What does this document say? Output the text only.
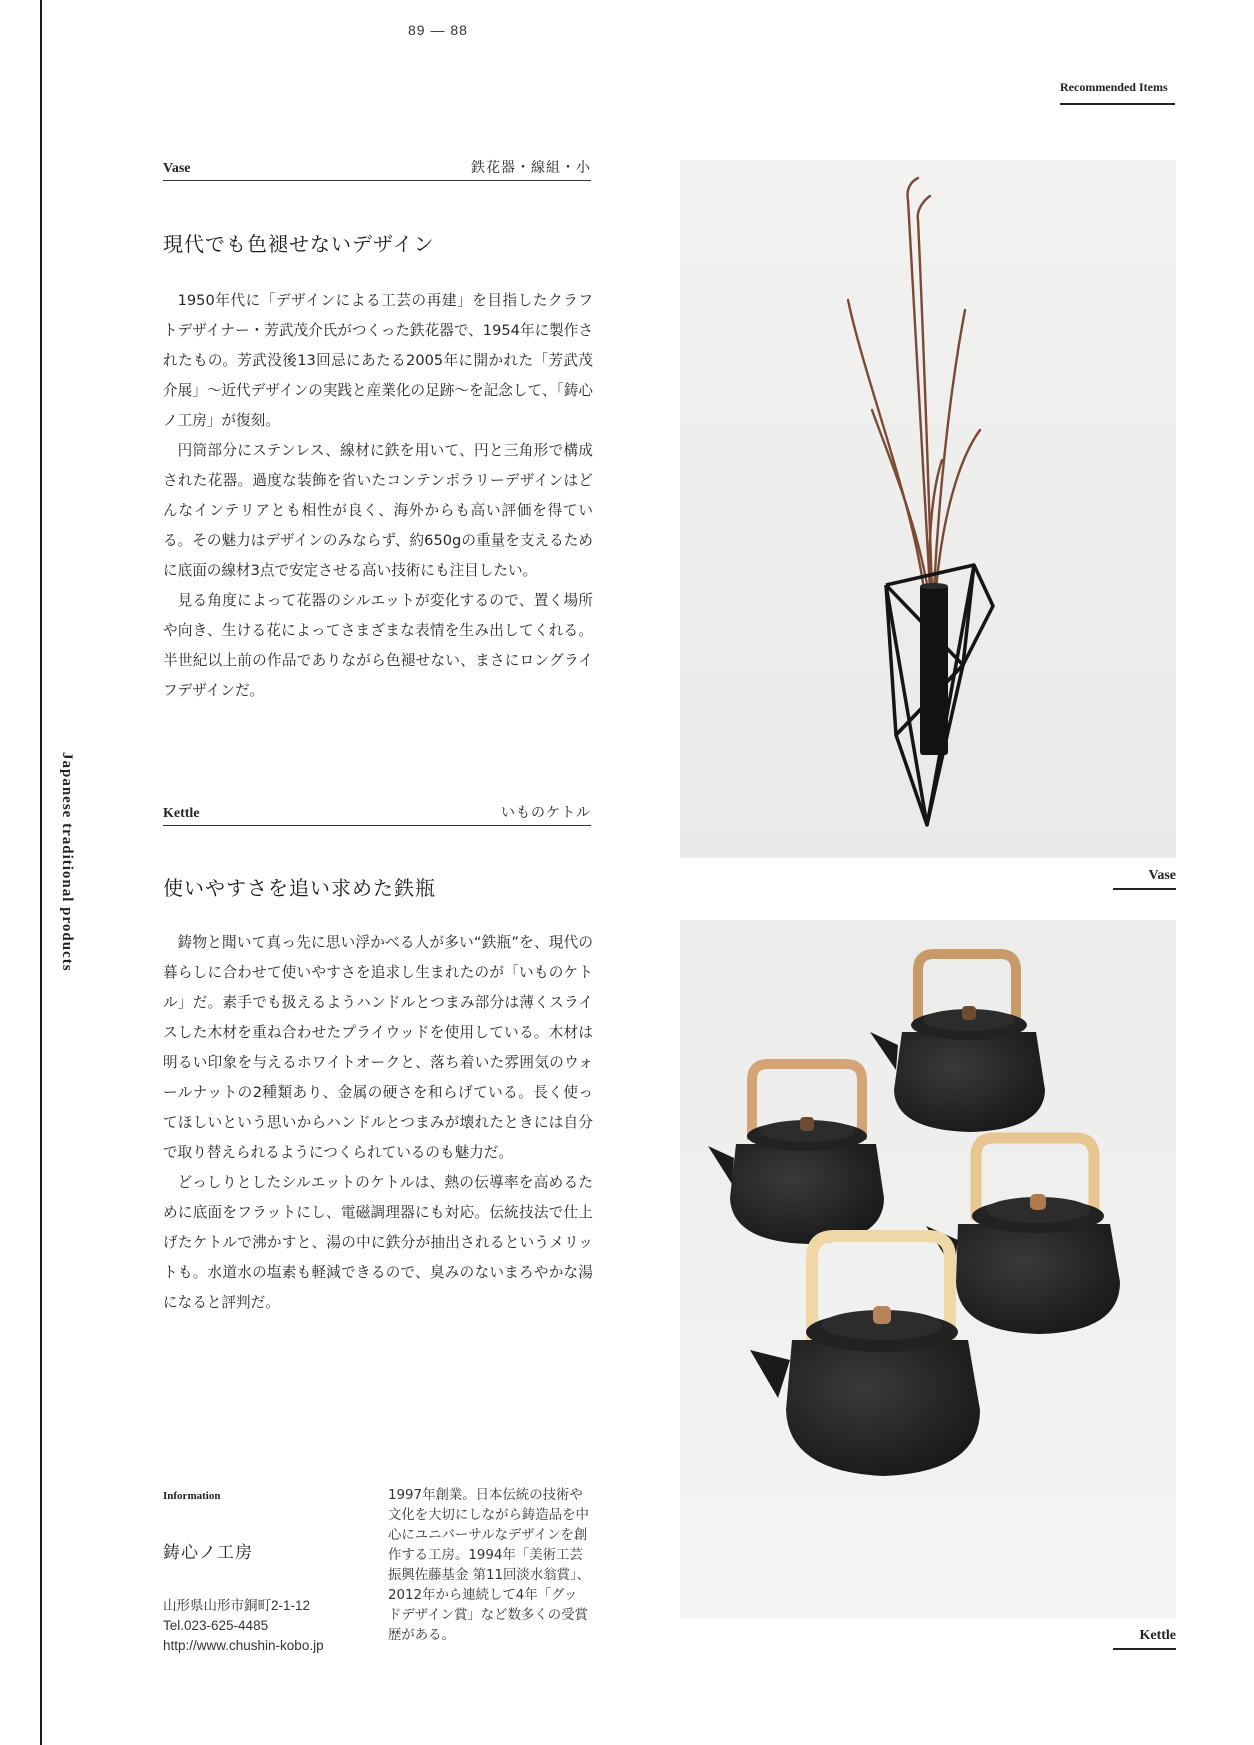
89 — 88
Recommended Items
Japanese traditional products
Vase	鉄花器・線組・小
現代でも色褪せないデザイン

1950年代に「デザインによる工芸の再建」を目指したクラフトデザイナー・芳武茂介氏がつくった鉄花器で、1954年に製作されたもの。芳武没後13回忌にあたる2005年に開かれた「芳武茂介展」〜近代デザインの実践と産業化の足跡〜を記念して、「鋳心ノ工房」が復刻。

円筒部分にステンレス、線材に鉄を用いて、円と三角形で構成された花器。過度な装飾を省いたコンテンポラリーデザインはどんなインテリアとも相性が良く、海外からも高い評価を得ている。その魅力はデザインのみならず、約650gの重量を支えるために底面の線材3点で安定させる高い技術にも注目したい。

見る角度によって花器のシルエットが変化するので、置く場所や向き、生ける花によってさまざまな表情を生み出してくれる。半世紀以上前の作品でありながら色褪せない、まさにロングライフデザインだ。

Kettle	いものケトル
使いやすさを追い求めた鉄瓶

鋳物と聞いて真っ先に思い浮かべる人が多い“鉄瓶”を、現代の暮らしに合わせて使いやすさを追求し生まれたのが「いものケトル」だ。素手でも扱えるようハンドルとつまみ部分は薄くスライスした木材を重ね合わせたプライウッドを使用している。木材は明るい印象を与えるホワイトオークと、落ち着いた雰囲気のウォールナットの2種類あり、金属の硬さを和らげている。長く使ってほしいという思いからハンドルとつまみが壊れたときには自分で取り替えられるようにつくられているのも魅力だ。

どっしりとしたシルエットのケトルは、熱の伝導率を高めるために底面をフラットにし、電磁調理器にも対応。伝統技法で仕上げたケトルで沸かすと、湯の中に鉄分が抽出されるというメリットも。水道水の塩素も軽減できるので、臭みのないまろやかな湯になると評判だ。

Information
鋳心ノ工房
山形県山形市銅町2-1-12
Tel.023-625-4485
http://www.chushin-kobo.jp
1997年創業。日本伝統の技術や
文化を大切にしながら鋳造品を中
心にユニバーサルなデザインを創
作する工房。1994年「美術工芸
振興佐藤基金 第11回淡水翁賞」、
2012年から連続して4年「グッ
ドデザイン賞」など数多くの受賞
歴がある。
Vase
Kettle
